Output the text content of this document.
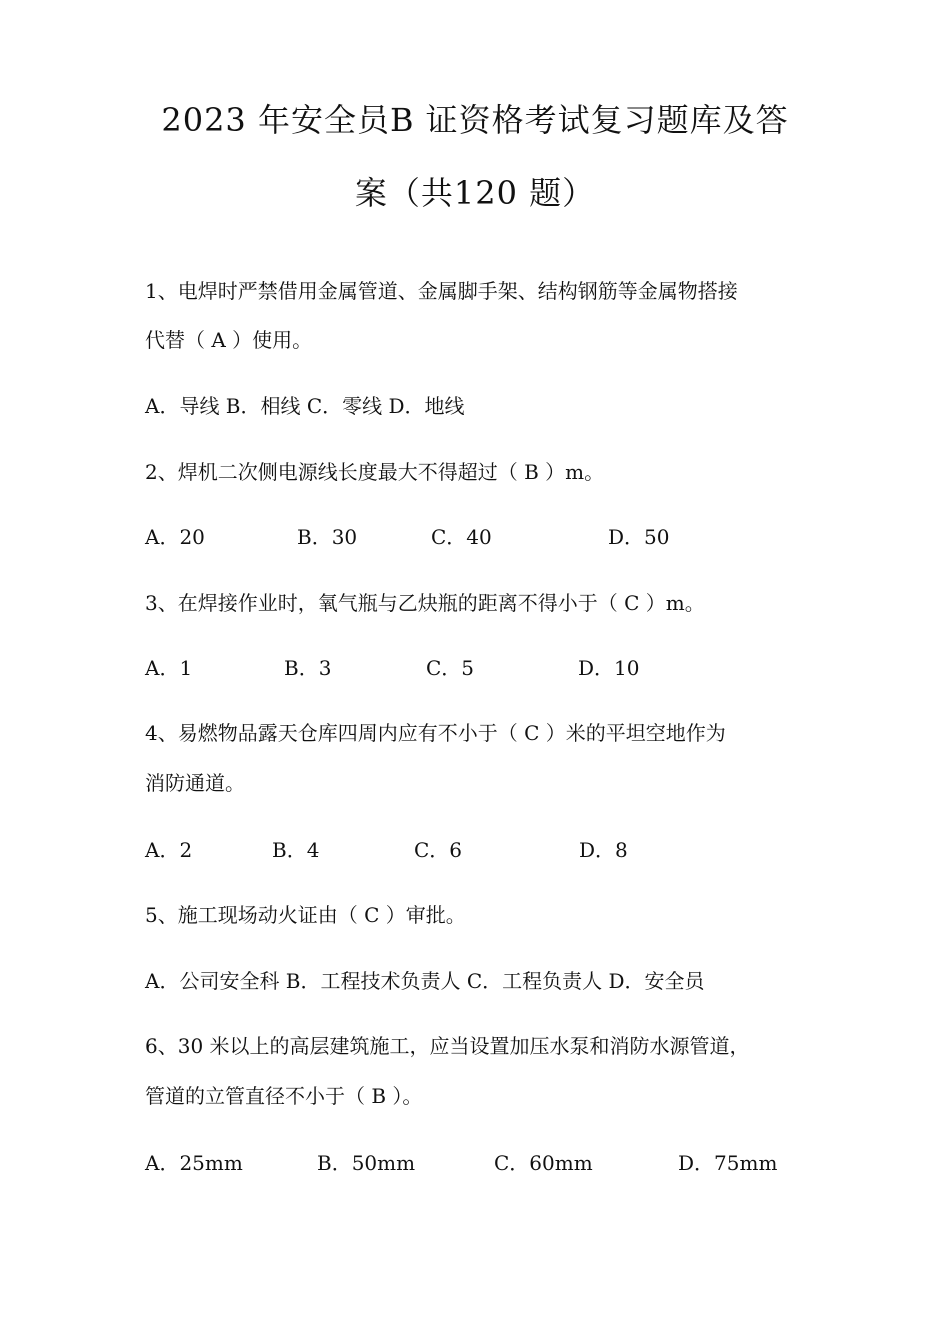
2023 年安全员B 证资格考试复习题库及答
案（共120 题）
1、电焊时严禁借用金属管道、金属脚手架、结构钢筋等金属物搭接
代替（ A ）使用。
A．导线 B．相线 C．零线 D．地线
2、焊机二次侧电源线长度最大不得超过（ B ）m。
A．20	B．30	C．40	D．50
3、在焊接作业时，氧气瓶与乙炔瓶的距离不得小于（ C ）m。
A．1	B．3	C．5	D．10
4、易燃物品露天仓库四周内应有不小于（ C ）米的平坦空地作为
消防通道。
A．2	B．4	C．6	D．8
5、施工现场动火证由（ C ）审批。
A．公司安全科 B．工程技术负责人 C．工程负责人 D．安全员
6、30 米以上的高层建筑施工，应当设置加压水泵和消防水源管道，
管道的立管直径不小于（ B ）。
A．25mm	B．50mm	C．60mm	D．75mm
